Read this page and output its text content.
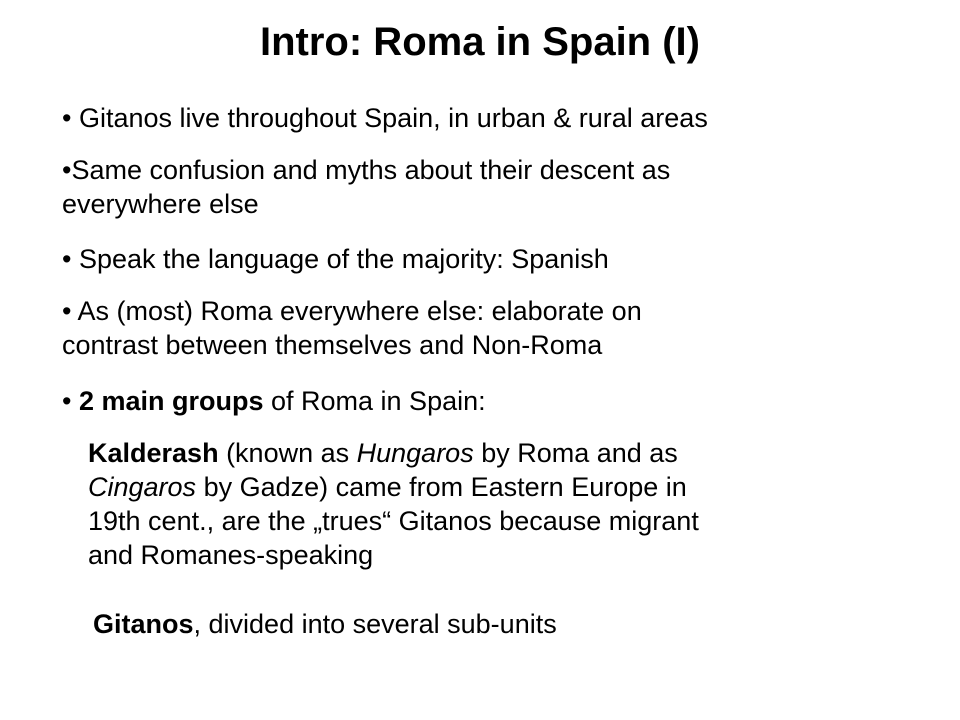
Intro: Roma in Spain (I)

• Gitanos live throughout Spain, in urban & rural areas

•Same confusion and myths about their descent as
everywhere else

• Speak the language of the majority: Spanish

• As (most) Roma everywhere else: elaborate on
contrast between themselves and Non-Roma

• 2 main groups of Roma in Spain:

Kalderash (known as Hungaros by Roma and as
Cingaros by Gadze) came from Eastern Europe in
19th cent., are the „trues“ Gitanos because migrant
and Romanes-speaking

Gitanos, divided into several sub-units
